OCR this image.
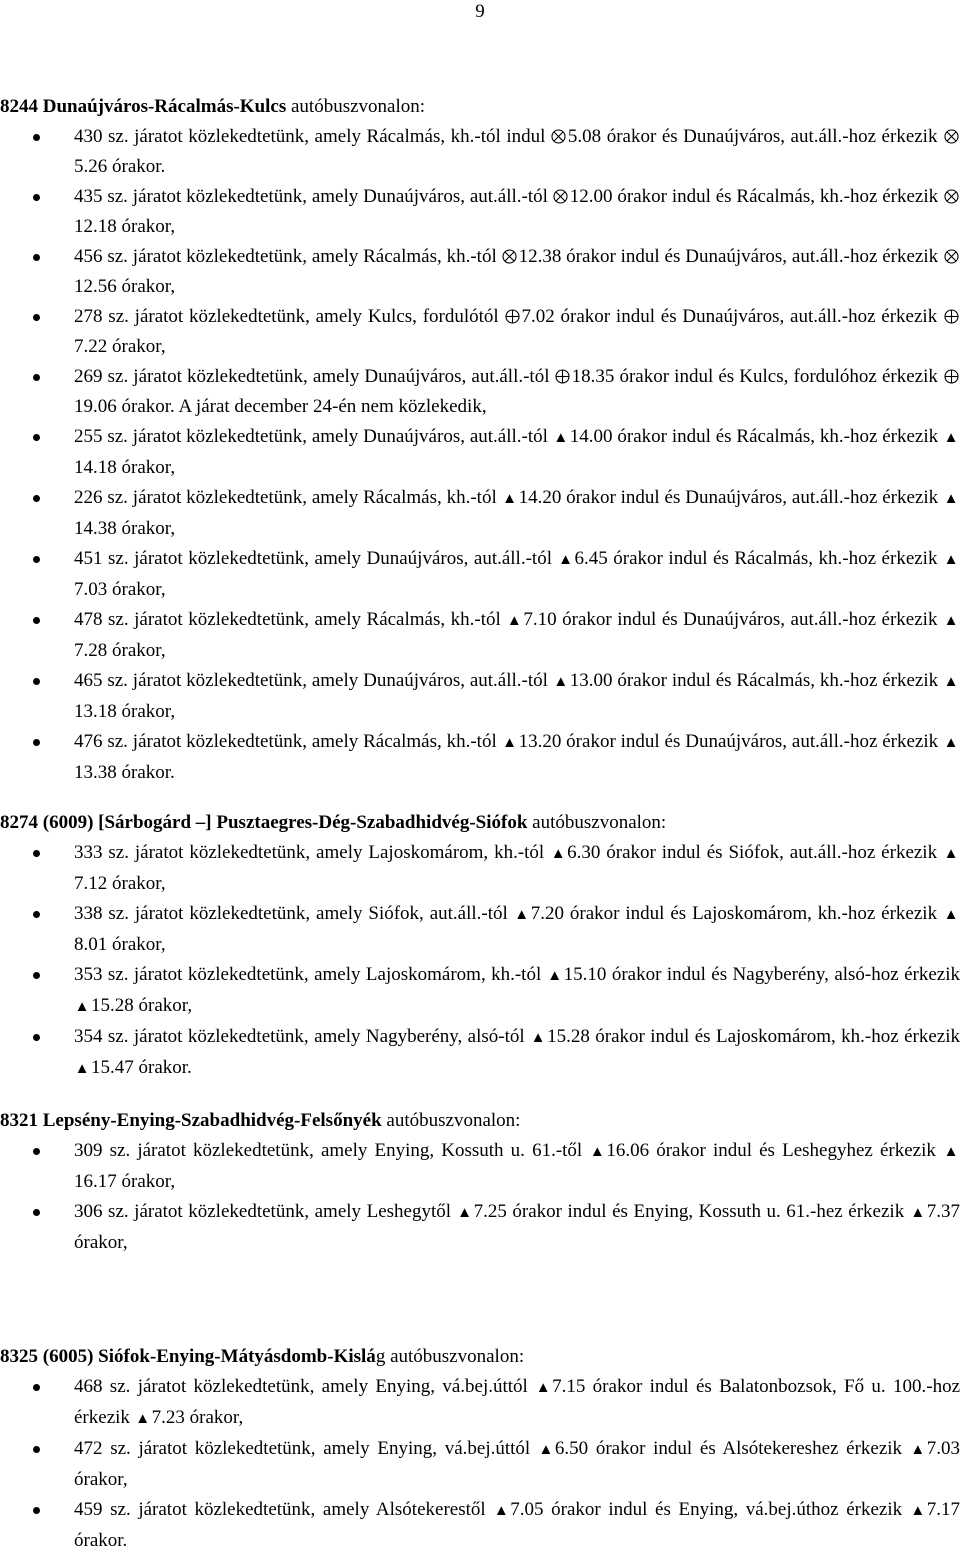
9
8244 Dunaújváros-Rácalmás-Kulcs autóbuszvonalon:
430 sz. járatot közlekedtetünk, amely Rácalmás, kh.-tól indul 5.08 órakor és Dunaújváros, aut.áll.-hoz érkezik 5.26 órakor.
435 sz. járatot közlekedtetünk, amely Dunaújváros, aut.áll.-tól 12.00 órakor indul és Rácalmás, kh.-hoz érkezik 12.18 órakor,
456 sz. járatot közlekedtetünk, amely Rácalmás, kh.-tól 12.38 órakor indul és Dunaújváros, aut.áll.-hoz érkezik 12.56 órakor,
278 sz. járatot közlekedtetünk, amely Kulcs, fordulótól 7.02 órakor indul és Dunaújváros, aut.áll.-hoz érkezik 7.22 órakor,
269 sz. járatot közlekedtetünk, amely Dunaújváros, aut.áll.-tól 18.35 órakor indul és Kulcs, fordulóhoz érkezik 19.06 órakor. A járat december 24-én nem közlekedik,
255 sz. járatot közlekedtetünk, amely Dunaújváros, aut.áll.-tól ▲14.00 órakor indul és Rácalmás, kh.-hoz érkezik ▲14.18 órakor,
226 sz. járatot közlekedtetünk, amely Rácalmás, kh.-tól ▲14.20 órakor indul és Dunaújváros, aut.áll.-hoz érkezik ▲14.38 órakor,
451 sz. járatot közlekedtetünk, amely Dunaújváros, aut.áll.-tól ▲6.45 órakor indul és Rácalmás, kh.-hoz érkezik ▲7.03 órakor,
478 sz. járatot közlekedtetünk, amely Rácalmás, kh.-tól ▲7.10 órakor indul és Dunaújváros, aut.áll.-hoz érkezik ▲7.28 órakor,
465 sz. járatot közlekedtetünk, amely Dunaújváros, aut.áll.-tól ▲13.00 órakor indul és Rácalmás, kh.-hoz érkezik ▲13.18 órakor,
476 sz. járatot közlekedtetünk, amely Rácalmás, kh.-tól ▲13.20 órakor indul és Dunaújváros, aut.áll.-hoz érkezik ▲13.38 órakor.
8274 (6009) [Sárbogárd –] Pusztaegres-Dég-Szabadhidvég-Siófok autóbuszvonalon:
333 sz. járatot közlekedtetünk, amely Lajoskomárom, kh.-tól ▲6.30 órakor indul és Siófok, aut.áll.-hoz érkezik ▲7.12 órakor,
338 sz. járatot közlekedtetünk, amely Siófok, aut.áll.-tól ▲7.20 órakor indul és Lajoskomárom, kh.-hoz érkezik ▲8.01 órakor,
353 sz. járatot közlekedtetünk, amely Lajoskomárom, kh.-tól ▲15.10 órakor indul és Nagyberény, alsó-hoz érkezik ▲15.28 órakor,
354 sz. járatot közlekedtetünk, amely Nagyberény, alsó-tól ▲15.28 órakor indul és Lajoskomárom, kh.-hoz érkezik ▲15.47 órakor.
8321 Lepsény-Enying-Szabadhidvég-Felsőnyék autóbuszvonalon:
309 sz. járatot közlekedtetünk, amely Enying, Kossuth u. 61.-től ▲16.06 órakor indul és Leshegyhez érkezik ▲16.17 órakor,
306 sz. járatot közlekedtetünk, amely Leshegytől ▲7.25 órakor indul és Enying, Kossuth u. 61.-hez érkezik ▲7.37 órakor,
8325 (6005) Siófok-Enying-Mátyásdomb-Kislág autóbuszvonalon:
468 sz. járatot közlekedtetünk, amely Enying, vá.bej.úttól ▲7.15 órakor indul és Balatonbozsok, Fő u. 100.-hoz érkezik ▲7.23 órakor,
472 sz. járatot közlekedtetünk, amely Enying, vá.bej.úttól ▲6.50 órakor indul és Alsótekereshez érkezik ▲7.03 órakor,
459 sz. járatot közlekedtetünk, amely Alsótekerestől ▲7.05 órakor indul és Enying, vá.bej.úthoz érkezik ▲7.17 órakor.
